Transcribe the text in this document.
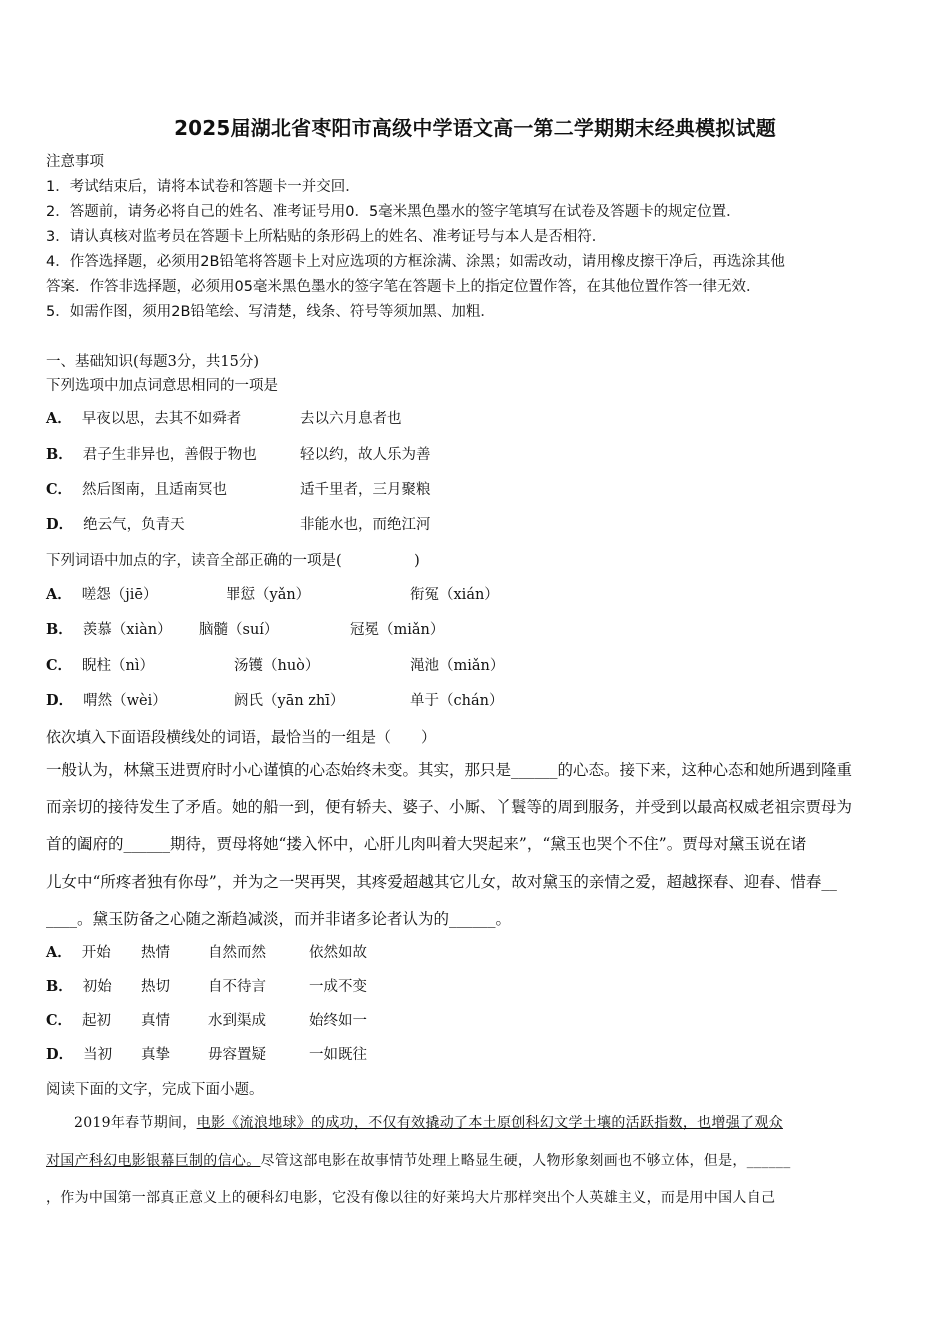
2025届湖北省枣阳市高级中学语文高一第二学期期末经典模拟试题
注意事项
1．考试结束后，请将本试卷和答题卡一并交回．
2．答题前，请务必将自己的姓名、准考证号用0．5毫米黑色墨水的签字笔填写在试卷及答题卡的规定位置．
3．请认真核对监考员在答题卡上所粘贴的条形码上的姓名、准考证号与本人是否相符．
4．作答选择题，必须用2B铅笔将答题卡上对应选项的方框涂满、涂黑；如需改动，请用橡皮擦干净后，再选涂其他
答案．作答非选择题，必须用05毫米黑色墨水的签字笔在答题卡上的指定位置作答，在其他位置作答一律无效．
5．如需作图，须用2B铅笔绘、写清楚，线条、符号等须加黑、加粗．
一、基础知识(每题3分，共15分)
下列选项中加点词意思相同的一项是
A． 早夜以思，去其不如舜者	去以六月息者也
B． 君子生非异也，善假于物也	轻以约，故人乐为善
C． 然后图南，且适南冥也	适千里者，三月聚粮
D． 绝云气，负青天	非能水也，而绝江河
下列词语中加点的字，读音全部正确的一项是(　　　　　)
A． 嗟怨（jiē）	罪愆（yǎn）	衔冤（xián）
B． 羡慕（xiàn） 脑髓（suí）	冠冕（miǎn）
C． 睨柱（nì）	汤镬（huò）	渑池（miǎn）
D． 喟然（wèi）	阏氏（yān zhī）	单于（chán）
依次填入下面语段横线处的词语，最恰当的一组是（　　）
一般认为，林黛玉进贾府时小心谨慎的心态始终未变。其实，那只是______的心态。接下来，这种心态和她所遇到隆重
而亲切的接待发生了矛盾。她的船一到，便有轿夫、婆子、小厮、丫鬟等的周到服务，并受到以最高权威老祖宗贾母为
首的阖府的______期待，贾母将她“搂入怀中，心肝儿肉叫着大哭起来”，“黛玉也哭个不住”。贾母对黛玉说在诸
儿女中“所疼者独有你母”，并为之一哭再哭，其疼爱超越其它儿女，故对黛玉的亲情之爱，超越探春、迎春、惜春__
____。黛玉防备之心随之渐趋减淡，而并非诸多论者认为的______。
A． 开始 热情	自然而然	依然如故
B． 初始 热切	自不待言	一成不变
C． 起初 真情	水到渠成	始终如一
D． 当初 真挚	毋容置疑	一如既往
阅读下面的文字，完成下面小题。
2019年春节期间，电影《流浪地球》的成功，不仅有效撬动了本土原创科幻文学土壤的活跃指数，也增强了观众
对国产科幻电影银幕巨制的信心。尽管这部电影在故事情节处理上略显生硬，人物形象刻画也不够立体，但是，______
，作为中国第一部真正意义上的硬科幻电影，它没有像以往的好莱坞大片那样突出个人英雄主义，而是用中国人自己
